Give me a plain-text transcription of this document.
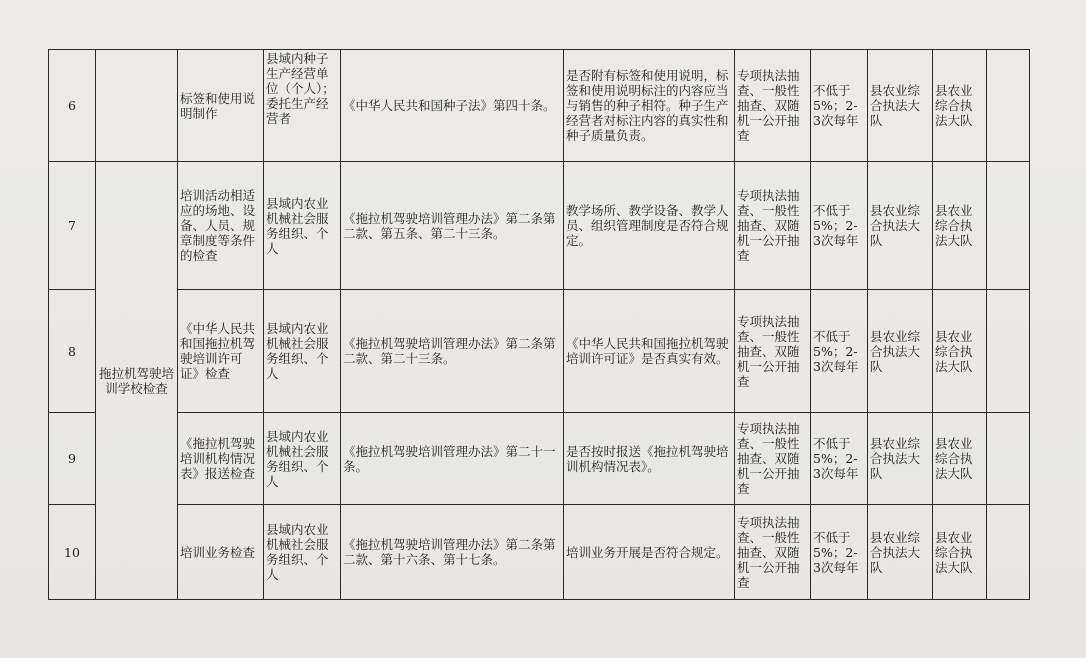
6		标签和使用说明制作	县域内种子生产经营单位（个人）；委托生产经营者	《中华人民共和国种子法》第四十条。	是否附有标签和使用说明，标签和使用说明标注的内容应当与销售的种子相符。种子生产经营者对标注内容的真实性和种子质量负责。	专项执法抽查、一般性抽查、双随机一公开抽查	不低于5%；2-3次每年	县农业综合执法大队	县农业综合执法大队	
7	拖拉机驾驶培训学校检查	培训活动相适应的场地、设备、人员、规章制度等条件的检查	县域内农业机械社会服务组织、个人	《拖拉机驾驶培训管理办法》第二条第二款、第五条、第二十三条。	教学场所、教学设备、教学人员、组织管理制度是否符合规定。	专项执法抽查、一般性抽查、双随机一公开抽查	不低于5%；2-3次每年	县农业综合执法大队	县农业综合执法大队	
8		《中华人民共和国拖拉机驾驶培训许可证》检查	县域内农业机械社会服务组织、个人	《拖拉机驾驶培训管理办法》第二条第二款、第二十三条。	《中华人民共和国拖拉机驾驶培训许可证》是否真实有效。	专项执法抽查、一般性抽查、双随机一公开抽查	不低于5%；2-3次每年	县农业综合执法大队	县农业综合执法大队	
9		《拖拉机驾驶培训机构情况表》报送检查	县域内农业机械社会服务组织、个人	《拖拉机驾驶培训管理办法》第二十一条。	是否按时报送《拖拉机驾驶培训机构情况表》。	专项执法抽查、一般性抽查、双随机一公开抽查	不低于5%；2-3次每年	县农业综合执法大队	县农业综合执法大队	
10		培训业务检查	县域内农业机械社会服务组织、个人	《拖拉机驾驶培训管理办法》第二条第二款、第十六条、第十七条。	培训业务开展是否符合规定。	专项执法抽查、一般性抽查、双随机一公开抽查	不低于5%；2-3次每年	县农业综合执法大队	县农业综合执法大队	
